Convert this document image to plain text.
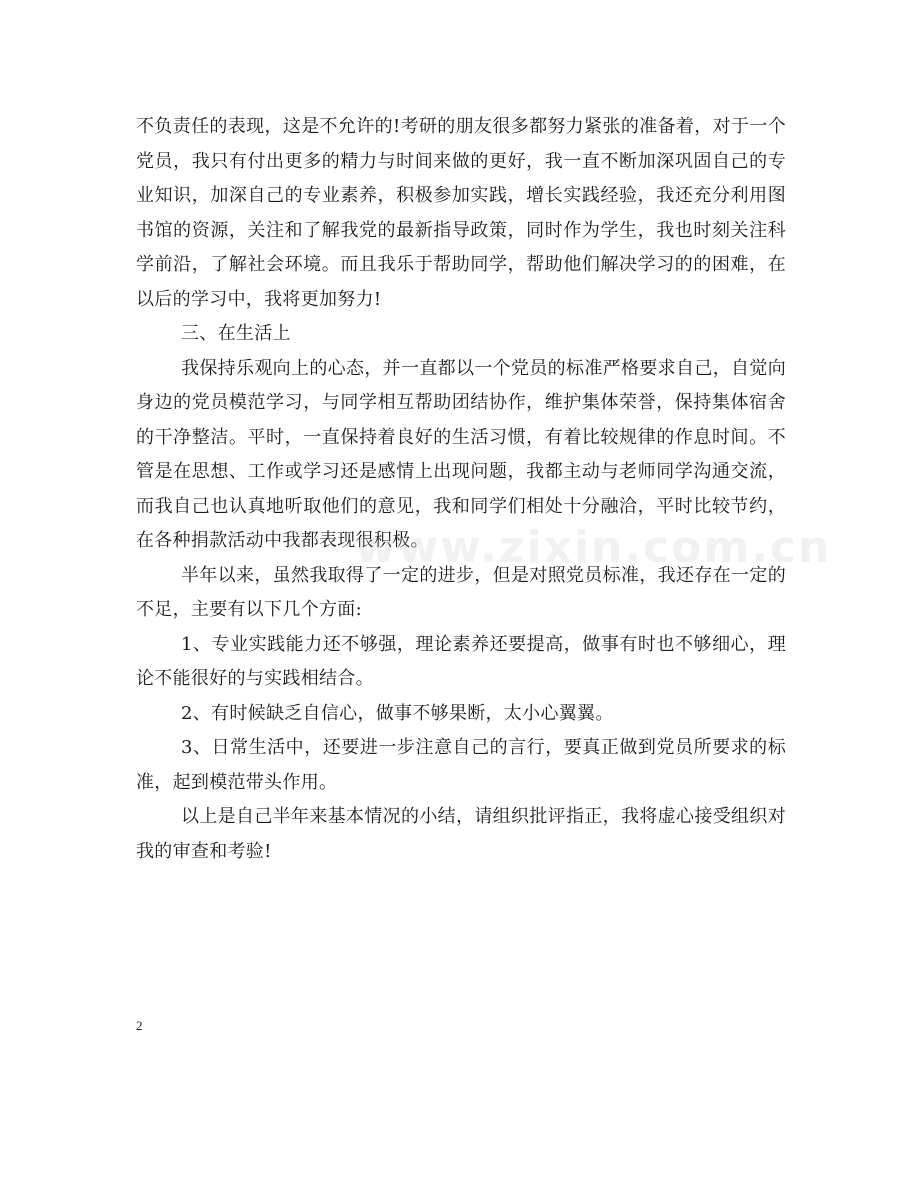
不负责任的表现，这是不允许的!考研的朋友很多都努力紧张的准备着，对于一个党员，我只有付出更多的精力与时间来做的更好，我一直不断加深巩固自己的专业知识，加深自己的专业素养，积极参加实践，增长实践经验，我还充分利用图书馆的资源，关注和了解我党的最新指导政策，同时作为学生，我也时刻关注科学前沿，了解社会环境。而且我乐于帮助同学，帮助他们解决学习的的困难，在以后的学习中，我将更加努力!

三、在生活上

我保持乐观向上的心态，并一直都以一个党员的标准严格要求自己，自觉向身边的党员模范学习，与同学相互帮助团结协作，维护集体荣誉，保持集体宿舍的干净整洁。平时，一直保持着良好的生活习惯，有着比较规律的作息时间。不管是在思想、工作或学习还是感情上出现问题，我都主动与老师同学沟通交流，而我自己也认真地听取他们的意见，我和同学们相处十分融洽，平时比较节约，在各种捐款活动中我都表现很积极。

半年以来，虽然我取得了一定的进步，但是对照党员标准，我还存在一定的不足，主要有以下几个方面:

1、专业实践能力还不够强，理论素养还要提高，做事有时也不够细心，理论不能很好的与实践相结合。

2、有时候缺乏自信心，做事不够果断，太小心翼翼。

3、日常生活中，还要进一步注意自己的言行，要真正做到党员所要求的标准，起到模范带头作用。

以上是自己半年来基本情况的小结，请组织批评指正，我将虚心接受组织对我的审查和考验!

www.zixin.com.cn
2
